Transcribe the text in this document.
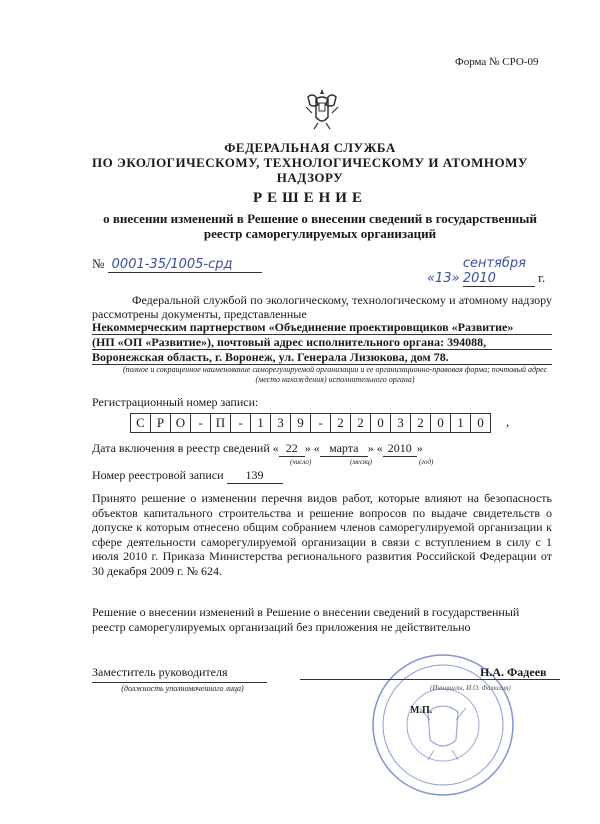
Форма № СРО-09
ФЕДЕРАЛЬНАЯ СЛУЖБА
ПО ЭКОЛОГИЧЕСКОМУ, ТЕХНОЛОГИЧЕСКОМУ И АТОМНОМУ
НАДЗОРУ
РЕШЕНИЕ
о внесении изменений в Решение о внесении сведений в государственный
реестр саморегулируемых организаций
№ 0001-35/1005-срд
«13» сентября 2010	г.
Федеральной службой по экологическому, технологическому и атомному надзору рассмотрены документы, представленные
Некоммерческим партнерством «Объединение проектировщиков «Развитие»
(НП «ОП «Развитие»), почтовый адрес исполнительного органа: 394088,
Воронежская область, г. Воронеж, ул. Генерала Лизюкова, дом 78.
(полное и сокращенное наименование саморегулируемой организации и ее организационно-правовая форма; почтовый адрес (место нахождения) исполнительного органа)
Регистрационный номер записи:
С Р О	-	П	-	1	3	9	-	2	2	0	3	2	0	1	0	,
Дата включения в реестр сведений « 22 » « марта » « 2010 »
(число)	(месяц)	(год)
Номер реестровой записи 139
Принято решение о изменении перечня видов работ, которые влияют на безопасность объектов капитального строительства и решение вопросов по выдаче свидетельств о допуске к которым отнесено общим собранием членов саморегулируемой организации к сфере деятельности саморегулируемой организации в связи с вступлением в силу с 1 июля 2010 г. Приказа Министерства регионального развития Российской Федерации от 30 декабря 2009 г. № 624.
Решение о внесении изменений в Решение о внесении сведений в государственный реестр саморегулируемых организаций без приложения не действительно
М.П.
Заместитель руководителя
(должность уполномоченного лица)
Н.А. Фадеев
(Инициалы, И.О. Фамилия)
